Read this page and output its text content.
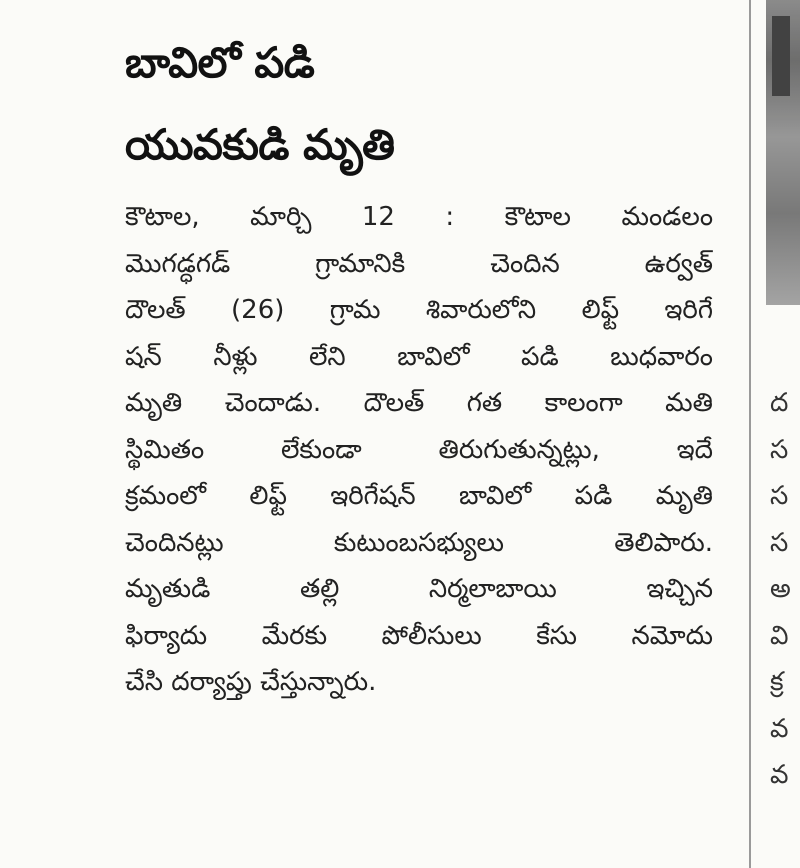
బావిలో పడి
యువకుడి మృతి
కౌటాల, మార్చి 12 : కౌటాల మండలం
మొగడ్ధగడ్ గ్రామానికి చెందిన ఉర్వత్
దౌలత్ (26) గ్రామ శివారులోని లిఫ్ట్ ఇరిగే
షన్ నీళ్లు లేని బావిలో పడి బుధవారం
మృతి చెందాడు. దౌలత్ గత కాలంగా మతి
స్థిమితం లేకుండా తిరుగుతున్నట్లు, ఇదే
క్రమంలో లిఫ్ట్ ఇరిగేషన్ బావిలో పడి మృతి
చెందినట్లు కుటుంబసభ్యులు తెలిపారు.
మృతుడి తల్లి నిర్మలాబాయి ఇచ్చిన
ఫిర్యాదు మేరకు పోలీసులు కేసు నమోదు
చేసి దర్యాప్తు చేస్తున్నారు.
ద
స
స
స
అ
వి
క్ర
వ
వ
